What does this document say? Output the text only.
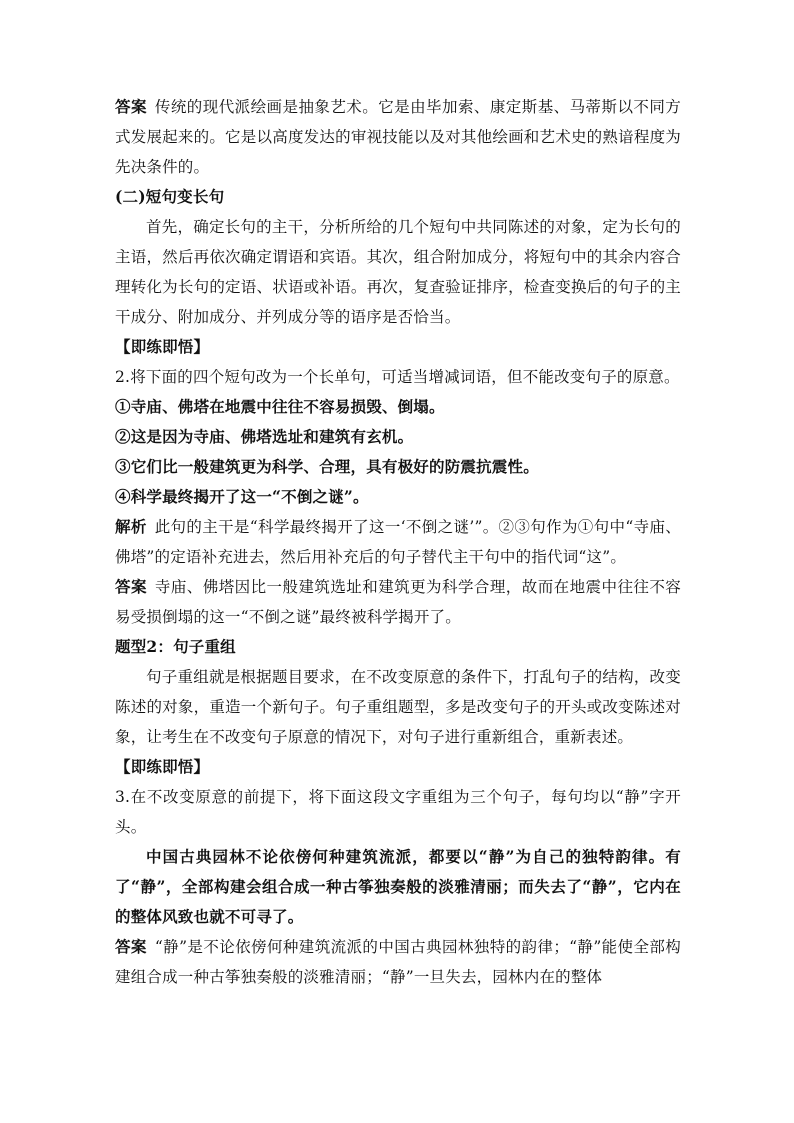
答案 传统的现代派绘画是抽象艺术。它是由毕加索、康定斯基、马蒂斯以不同方式发展起来的。它是以高度发达的审视技能以及对其他绘画和艺术史的熟谙程度为先决条件的。

(二)短句变长句

首先，确定长句的主干，分析所给的几个短句中共同陈述的对象，定为长句的主语，然后再依次确定谓语和宾语。其次，组合附加成分，将短句中的其余内容合理转化为长句的定语、状语或补语。再次，复查验证排序，检查变换后的句子的主干成分、附加成分、并列成分等的语序是否恰当。

【即练即悟】

2.将下面的四个短句改为一个长单句，可适当增减词语，但不能改变句子的原意。

①寺庙、佛塔在地震中往往不容易损毁、倒塌。

②这是因为寺庙、佛塔选址和建筑有玄机。

③它们比一般建筑更为科学、合理，具有极好的防震抗震性。

④科学最终揭开了这一“不倒之谜”。

解析 此句的主干是“科学最终揭开了这一‘不倒之谜’”。②③句作为①句中“寺庙、佛塔”的定语补充进去，然后用补充后的句子替代主干句中的指代词“这”。

答案 寺庙、佛塔因比一般建筑选址和建筑更为科学合理，故而在地震中往往不容易受损倒塌的这一“不倒之谜”最终被科学揭开了。

题型2：句子重组

句子重组就是根据题目要求，在不改变原意的条件下，打乱句子的结构，改变陈述的对象，重造一个新句子。句子重组题型，多是改变句子的开头或改变陈述对象，让考生在不改变句子原意的情况下，对句子进行重新组合，重新表述。

【即练即悟】

3.在不改变原意的前提下，将下面这段文字重组为三个句子，每句均以“静”字开头。

中国古典园林不论依傍何种建筑流派，都要以“静”为自己的独特韵律。有了“静”，全部构建会组合成一种古筝独奏般的淡雅清丽；而失去了“静”，它内在的整体风致也就不可寻了。

答案 “静”是不论依傍何种建筑流派的中国古典园林独特的韵律；“静”能使全部构建组合成一种古筝独奏般的淡雅清丽；“静”一旦失去，园林内在的整体
